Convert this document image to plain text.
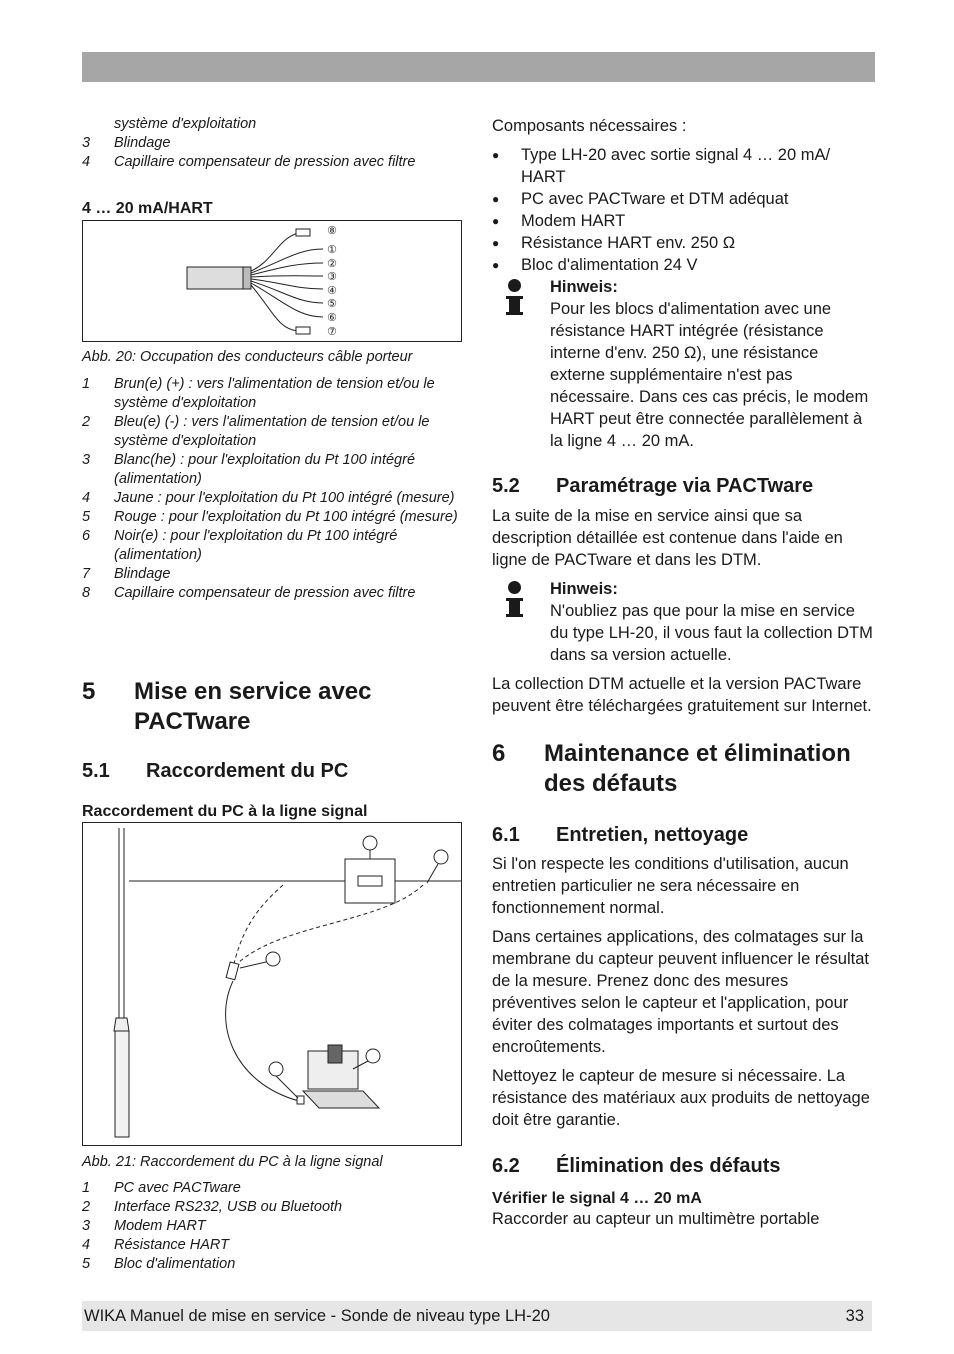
système d'exploitation
3	Blindage
4	Capillaire compensateur de pression avec filtre
4 … 20 mA/HART
⑧
①
②
③
④
⑤
⑥
⑦
Abb. 20: Occupation des conducteurs câble porteur
1	Brun(e) (+) : vers l'alimentation de tension et/ou le système d'exploitation
2	Bleu(e) (-) : vers l'alimentation de tension et/ou le système d'exploitation
3	Blanc(he) : pour l'exploitation du Pt 100 intégré (alimentation)
4	Jaune : pour l'exploitation du Pt 100 intégré (mesure)
5	Rouge : pour l'exploitation du Pt 100 intégré (mesure)
6	Noir(e) : pour l'exploitation du Pt 100 intégré (alimentation)
7	Blindage
8	Capillaire compensateur de pression avec filtre
5	Mise en service avec PACTware
5.1	Raccordement du PC
Raccordement du PC à la ligne signal
Abb. 21: Raccordement du PC à la ligne signal
1	PC avec PACTware
2	Interface RS232, USB ou Bluetooth
3	Modem HART
4	Résistance HART
5	Bloc d'alimentation
Composants nécessaires :
●	Type LH-20 avec sortie signal 4 … 20 mA/ HART
●	PC avec PACTware et DTM adéquat
●	Modem HART
●	Résistance HART env. 250 Ω
●	Bloc d'alimentation 24 V
Hinweis:
Pour les blocs d'alimentation avec une résistance HART intégrée (résistance interne d'env. 250 Ω), une résistance externe supplémentaire n'est pas nécessaire. Dans ces cas précis, le modem HART peut être connectée parallèlement à la ligne 4 … 20 mA.
5.2	Paramétrage via PACTware
La suite de la mise en service ainsi que sa description détaillée est contenue dans l'aide en ligne de PACTware et dans les DTM.
Hinweis:
N'oubliez pas que pour la mise en service du type LH-20, il vous faut la collection DTM dans sa version actuelle.
La collection DTM actuelle et la version PACTware peuvent être téléchargées gratuitement sur Internet.
6	Maintenance et élimination des défauts
6.1	Entretien, nettoyage
Si l'on respecte les conditions d'utilisation, aucun entretien particulier ne sera nécessaire en fonctionnement normal.
Dans certaines applications, des colmatages sur la membrane du capteur peuvent influencer le résultat de la mesure. Prenez donc des mesures préventives selon le capteur et l'application, pour éviter des colmatages importants et surtout des encroûtements.
Nettoyez le capteur de mesure si nécessaire. La résistance des matériaux aux produits de nettoyage doit être garantie.
6.2	Élimination des défauts
Vérifier le signal 4 … 20 mA
Raccorder au capteur un multimètre portable
WIKA Manuel de mise en service - Sonde de niveau type LH-20	33
